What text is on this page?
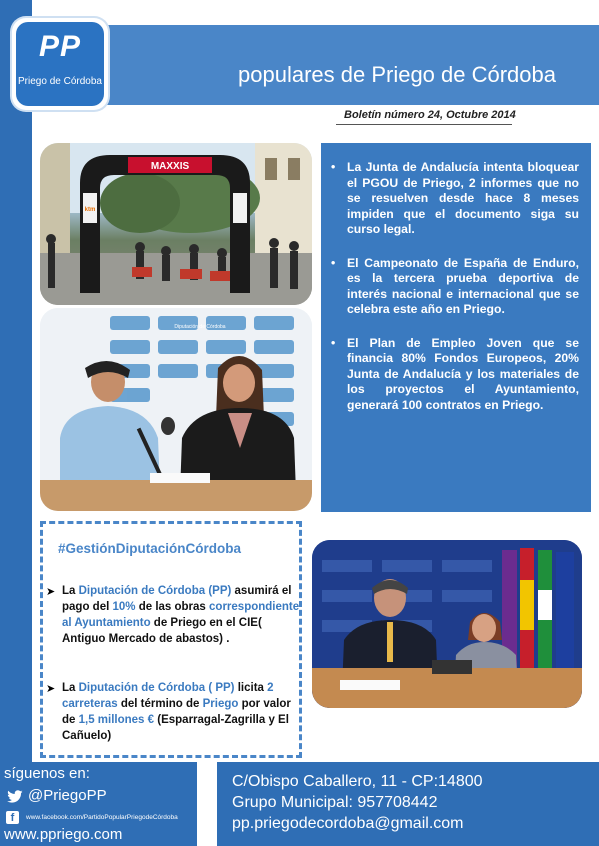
PP
Priego de Córdoba	populares de Priego de Córdoba
Boletín número 24, Octubre 2014
MAXXIS
ktm
Diputación de Córdoba
• La Junta de Andalucía intenta bloquear el PGOU de Priego, 2 informes que no se resuelven desde hace 8 meses impiden que el documento siga su curso legal.
• El Campeonato de España de Enduro, es la tercera prueba deportiva de interés nacional e internacional que se celebra este año en Priego.
• El Plan de Empleo Joven que se financia 80% Fondos Europeos, 20% Junta de Andalucía y los materiales de los proyectos el Ayuntamiento, generará 100 contratos en Priego.
#GestiónDiputaciónCórdoba
➤ La Diputación de Córdoba (PP) asumirá el pago del 10% de las obras correspondiente al Ayuntamiento de Priego en el CIE( Antiguo Mercado de abastos) .
➤ La Diputación de Córdoba ( PP) licita 2 carreteras del término de Priego por valor de 1,5 millones € (Esparragal-Zagrilla y El Cañuelo)
síguenos en:
@PriegoPP
f	www.facebook.com/PartidoPopularPriegodeCórdoba
www.ppriego.com
C/Obispo Caballero, 11 - CP:14800
Grupo Municipal: 957708442
pp.priegodecordoba@gmail.com
